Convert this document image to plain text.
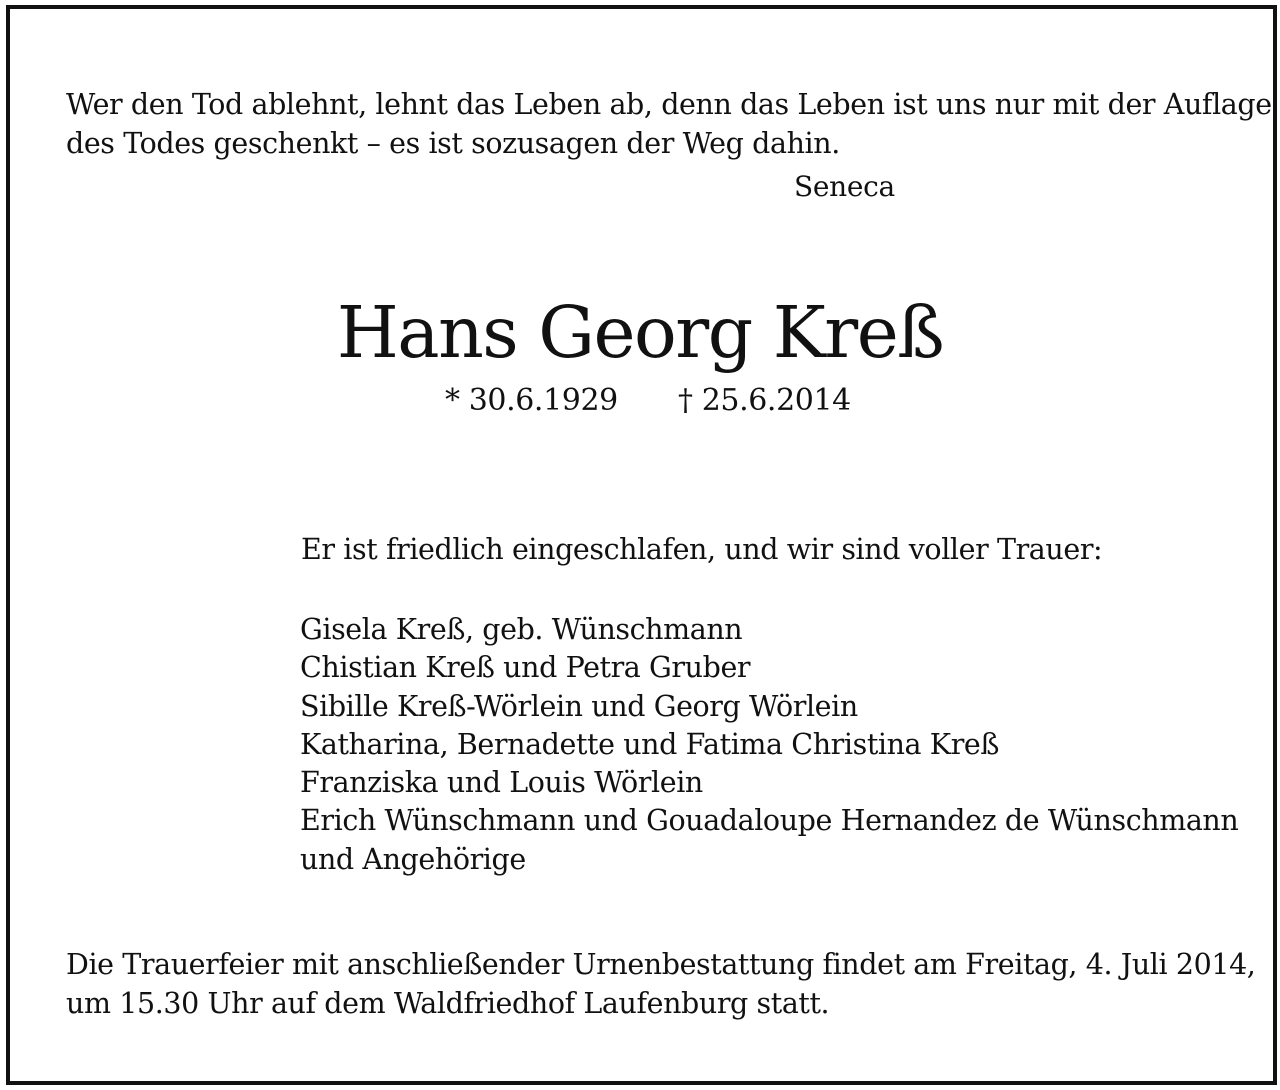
Wer den Tod ablehnt, lehnt das Leben ab, denn das Leben ist uns nur mit der Auflage
des Todes geschenkt – es ist sozusagen der Weg dahin.
Seneca
Hans Georg Kreß
* 30.6.1929 † 25.6.2014
Er ist friedlich eingeschlafen, und wir sind voller Trauer:
Gisela Kreß, geb. Wünschmann
Chistian Kreß und Petra Gruber
Sibille Kreß-Wörlein und Georg Wörlein
Katharina, Bernadette und Fatima Christina Kreß
Franziska und Louis Wörlein
Erich Wünschmann und Gouadaloupe Hernandez de Wünschmann
und Angehörige
Die Trauerfeier mit anschließender Urnenbestattung findet am Freitag, 4. Juli 2014,
um 15.30 Uhr auf dem Waldfriedhof Laufenburg statt.
